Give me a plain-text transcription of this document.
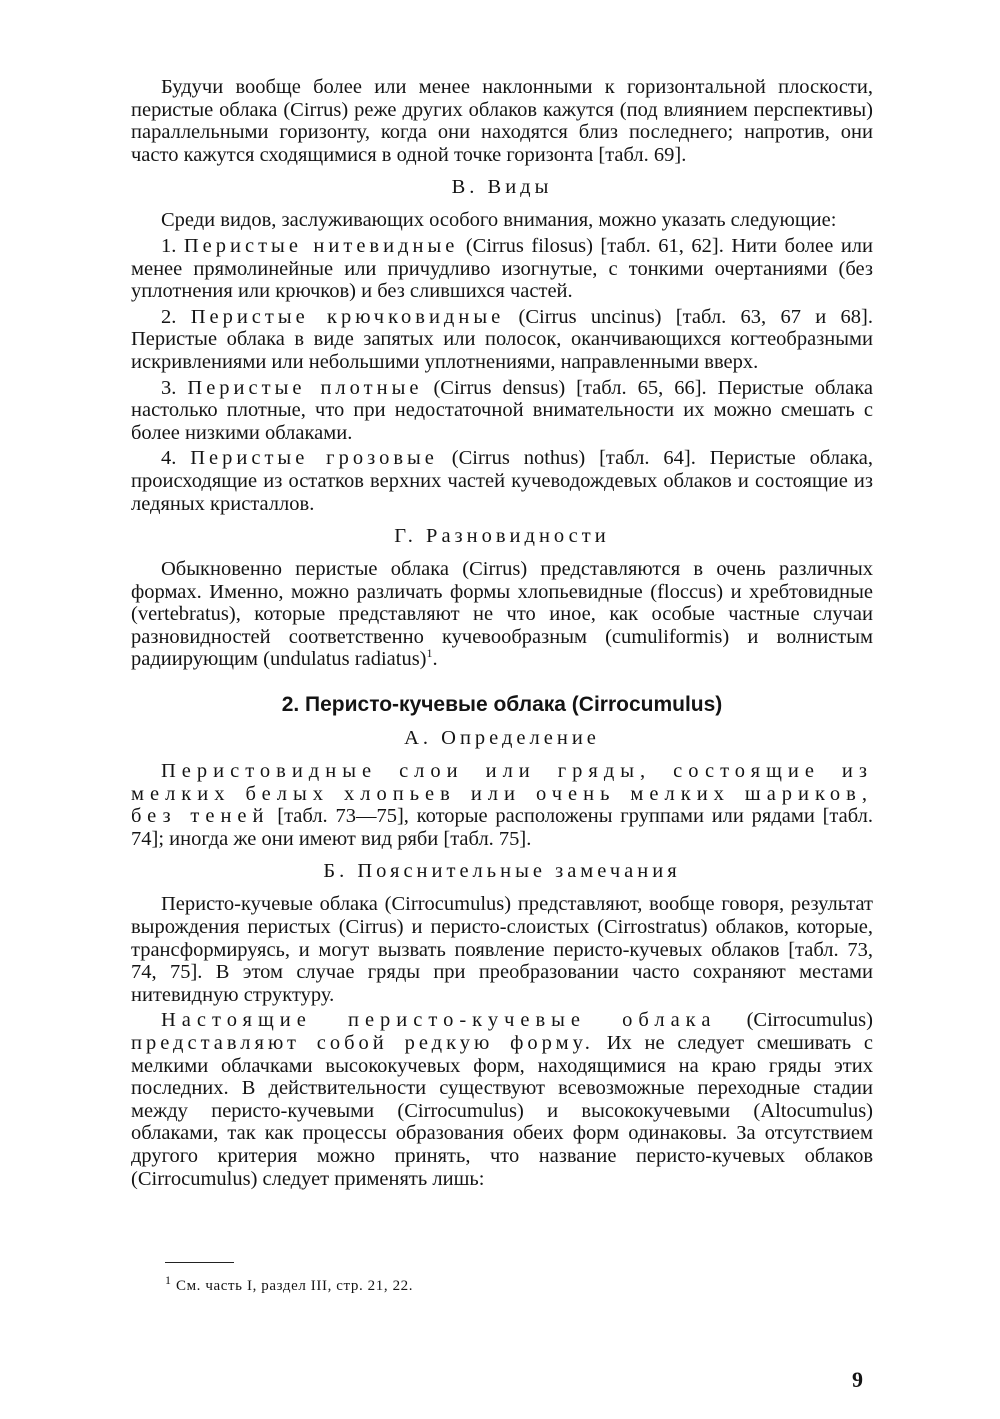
Будучи вообще более или менее наклонными к горизонтальной плоскости, перистые облака (Cirrus) реже других облаков кажутся (под влиянием перспективы) параллельными горизонту, когда они находятся близ последнего; напротив, они часто кажутся сходящимися в одной точке горизонта [табл. 69].

В. Виды

Среди видов, заслуживающих особого внимания, можно указать следующие:

1. Перистые нитевидные (Cirrus filosus) [табл. 61, 62]. Нити более или менее прямолинейные или причудливо изогнутые, с тонкими очертаниями (без уплотнения или крючков) и без слившихся частей.

2. Перистые крючковидные (Cirrus uncinus) [табл. 63, 67 и 68]. Перистые облака в виде запятых или полосок, оканчивающихся когтеобразными искривлениями или небольшими уплотнениями, направленными вверх.

3. Перистые плотные (Cirrus densus) [табл. 65, 66]. Перистые облака настолько плотные, что при недостаточной внимательности их можно смешать с более низкими облаками.

4. Перистые грозовые (Cirrus nothus) [табл. 64]. Перистые облака, происходящие из остатков верхних частей кучеводождевых облаков и состоящие из ледяных кристаллов.

Г. Разновидности

Обыкновенно перистые облака (Cirrus) представляются в очень различных формах. Именно, можно различать формы хлопьевидные (floccus) и хребтовидные (vertebratus), которые представляют не что иное, как особые частные случаи разновидностей соответственно кучевообразным (cumuliformis) и волнистым радиирующим (undulatus radiatus)$^1$.

2. Перисто-кучевые облака (Cirrocumulus)
А. Определение

Перистовидные слои или гряды, состоящие из мелких белых хлопьев или очень мелких шариков, без теней [табл. 73—75], которые расположены группами или рядами [табл. 74]; иногда же они имеют вид ряби [табл. 75].

Б. Пояснительные замечания

Перисто-кучевые облака (Cirrocumulus) представляют, вообще говоря, результат вырождения перистых (Cirrus) и перисто-слоистых (Cirrostratus) облаков, которые, трансформируясь, и могут вызвать появление перисто-кучевых облаков [табл. 73, 74, 75]. В этом случае гряды при преобразовании часто сохраняют местами нитевидную структуру.

Настоящие перисто-кучевые облака (Cirrocumulus) представляют собой редкую форму. Их не следует смешивать с мелкими облачками высококучевых форм, находящимися на краю гряды этих последних. В действительности существуют всевозможные переходные стадии между перисто-кучевыми (Cirrocumulus) и высококучевыми (Altocumulus) облаками, так как процессы образования обеих форм одинаковы. За отсутствием другого критерия можно принять, что название перисто-кучевых облаков (Cirrocumulus) следует применять лишь:

$^1$ См. часть I, раздел III, стр. 21, 22.
9
